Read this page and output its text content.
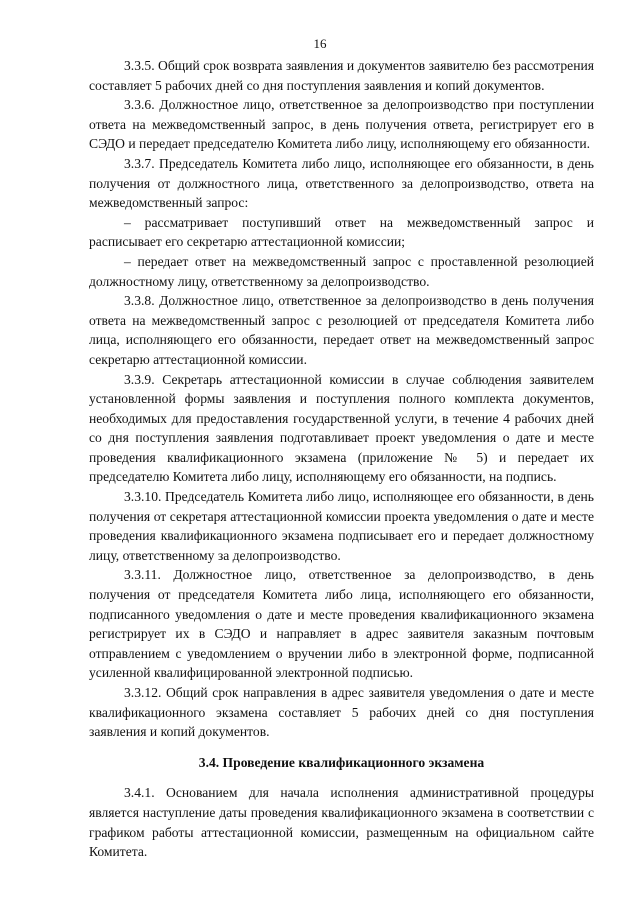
16

3.3.5. Общий срок возврата заявления и документов заявителю без рассмотрения составляет 5 рабочих дней со дня поступления заявления и копий документов.

3.3.6. Должностное лицо, ответственное за делопроизводство при поступлении ответа на межведомственный запрос, в день получения ответа, регистрирует его в СЭДО и передает председателю Комитета либо лицу, исполняющему его обязанности.

3.3.7. Председатель Комитета либо лицо, исполняющее его обязанности, в день получения от должностного лица, ответственного за делопроизводство, ответа на межведомственный запрос:

– рассматривает поступивший ответ на межведомственный запрос и расписывает его секретарю аттестационной комиссии;

– передает ответ на межведомственный запрос с проставленной резолюцией должностному лицу, ответственному за делопроизводство.

3.3.8. Должностное лицо, ответственное за делопроизводство в день получения ответа на межведомственный запрос с резолюцией от председателя Комитета либо лица, исполняющего его обязанности, передает ответ на межведомственный запрос секретарю аттестационной комиссии.

3.3.9. Секретарь аттестационной комиссии в случае соблюдения заявителем установленной формы заявления и поступления полного комплекта документов, необходимых для предоставления государственной услуги, в течение 4 рабочих дней со дня поступления заявления подготавливает проект уведомления о дате и месте проведения квалификационного экзамена (приложение № 5) и передает их председателю Комитета либо лицу, исполняющему его обязанности, на подпись.

3.3.10. Председатель Комитета либо лицо, исполняющее его обязанности, в день получения от секретаря аттестационной комиссии проекта уведомления о дате и месте проведения квалификационного экзамена подписывает его и передает должностному лицу, ответственному за делопроизводство.

3.3.11. Должностное лицо, ответственное за делопроизводство, в день получения от председателя Комитета либо лица, исполняющего его обязанности, подписанного уведомления о дате и месте проведения квалификационного экзамена регистрирует их в СЭДО и направляет в адрес заявителя заказным почтовым отправлением с уведомлением о вручении либо в электронной форме, подписанной усиленной квалифицированной электронной подписью.

3.3.12. Общий срок направления в адрес заявителя уведомления о дате и месте квалификационного экзамена составляет 5 рабочих дней со дня поступления заявления и копий документов.

3.4. Проведение квалификационного экзамена

3.4.1. Основанием для начала исполнения административной процедуры является наступление даты проведения квалификационного экзамена в соответствии с графиком работы аттестационной комиссии, размещенным на официальном сайте Комитета.
